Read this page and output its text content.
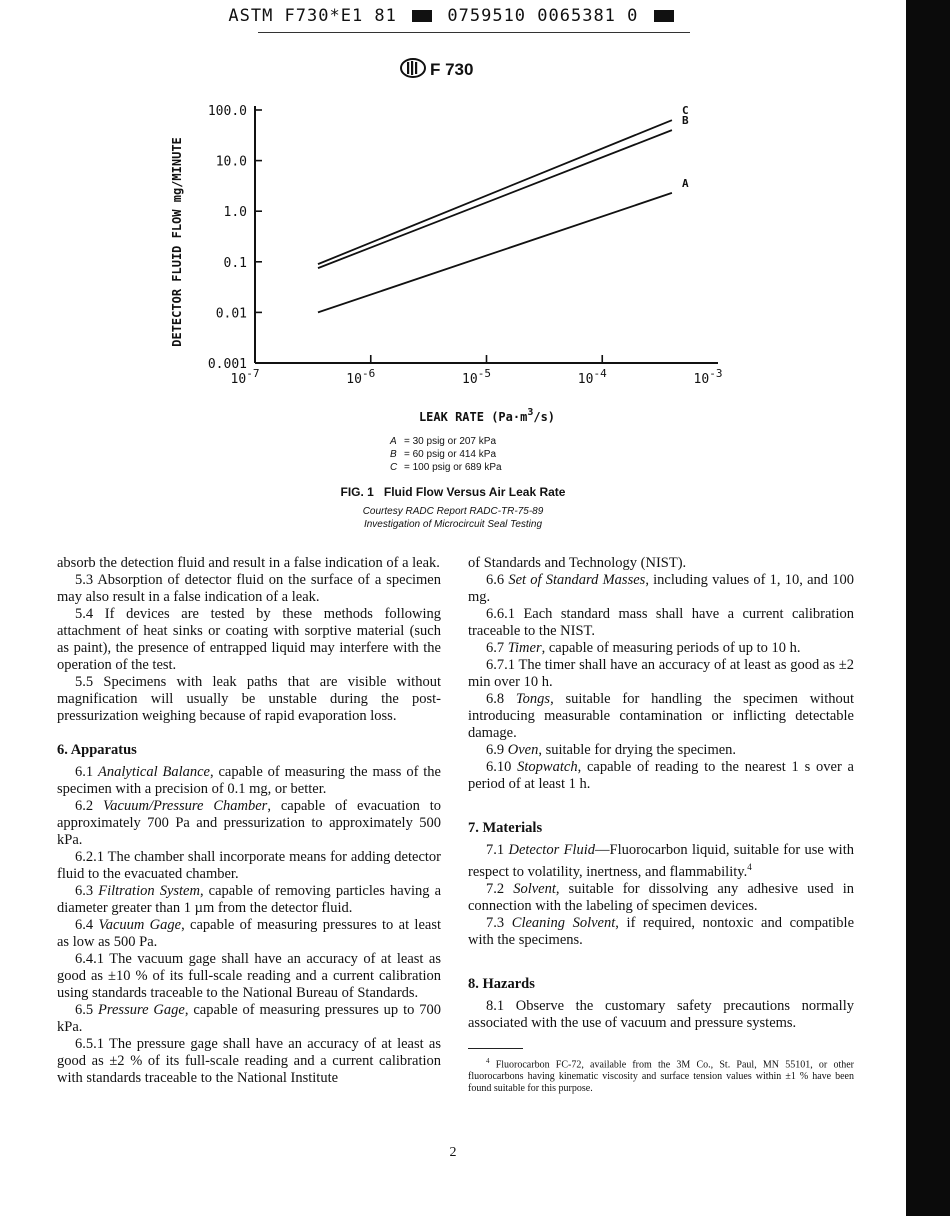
ASTM F730*E1 81	0759510 0065381 0
F 730
0.001
0.01
0.1
1.0
10.0
100.0
$10^{-7}$	$10^{-6}$	$10^{-5}$	$10^{-4}$	$10^{-3}$
DETECTOR FLUID FLOW mg/MINUTE
LEAK RATE $(Pa\cdot m^3/s)$
A
B
C
A = 30 psig or 207 kPa
B = 60 psig or 414 kPa
C = 100 psig or 689 kPa
FIG. 1 Fluid Flow Versus Air Leak Rate
Courtesy RADC Report RADC-TR-75-89
Investigation of Microcircuit Seal Testing

absorb the detection fluid and result in a false indication of a leak.

5.3 Absorption of detector fluid on the surface of a specimen may also result in a false indication of a leak.

5.4 If devices are tested by these methods following attachment of heat sinks or coating with sorptive material (such as paint), the presence of entrapped liquid may interfere with the operation of the test.

5.5 Specimens with leak paths that are visible without magnification will usually be unstable during the post-pressurization weighing because of rapid evaporation loss.

6. Apparatus

6.1 Analytical Balance, capable of measuring the mass of the specimen with a precision of 0.1 mg, or better.

6.2 Vacuum/Pressure Chamber, capable of evacuation to approximately 700 Pa and pressurization to approximately 500 kPa.

6.2.1 The chamber shall incorporate means for adding detector fluid to the evacuated chamber.

6.3 Filtration System, capable of removing particles having a diameter greater than 1 µm from the detector fluid.

6.4 Vacuum Gage, capable of measuring pressures to at least as low as 500 Pa.

6.4.1 The vacuum gage shall have an accuracy of at least as good as ±10 % of its full-scale reading and a current calibration using standards traceable to the National Bureau of Standards.

6.5 Pressure Gage, capable of measuring pressures up to 700 kPa.

6.5.1 The pressure gage shall have an accuracy of at least as good as ±2 % of its full-scale reading and a current calibration with standards traceable to the National Institute

of Standards and Technology (NIST).

6.6 Set of Standard Masses, including values of 1, 10, and 100 mg.

6.6.1 Each standard mass shall have a current calibration traceable to the NIST.

6.7 Timer, capable of measuring periods of up to 10 h.

6.7.1 The timer shall have an accuracy of at least as good as ±2 min over 10 h.

6.8 Tongs, suitable for handling the specimen without introducing measurable contamination or inflicting detectable damage.

6.9 Oven, suitable for drying the specimen.

6.10 Stopwatch, capable of reading to the nearest 1 s over a period of at least 1 h.

7. Materials

7.1 Detector Fluid—Fluorocarbon liquid, suitable for use with respect to volatility, inertness, and flammability.$^4$

7.2 Solvent, suitable for dissolving any adhesive used in connection with the labeling of specimen devices.

7.3 Cleaning Solvent, if required, nontoxic and compatible with the specimens.

8. Hazards

8.1 Observe the customary safety precautions normally associated with the use of vacuum and pressure systems.

$^4$ Fluorocarbon FC-72, available from the 3M Co., St. Paul, MN 55101, or other fluorocarbons having kinematic viscosity and surface tension values within ±1 % have been found suitable for this purpose.

2
